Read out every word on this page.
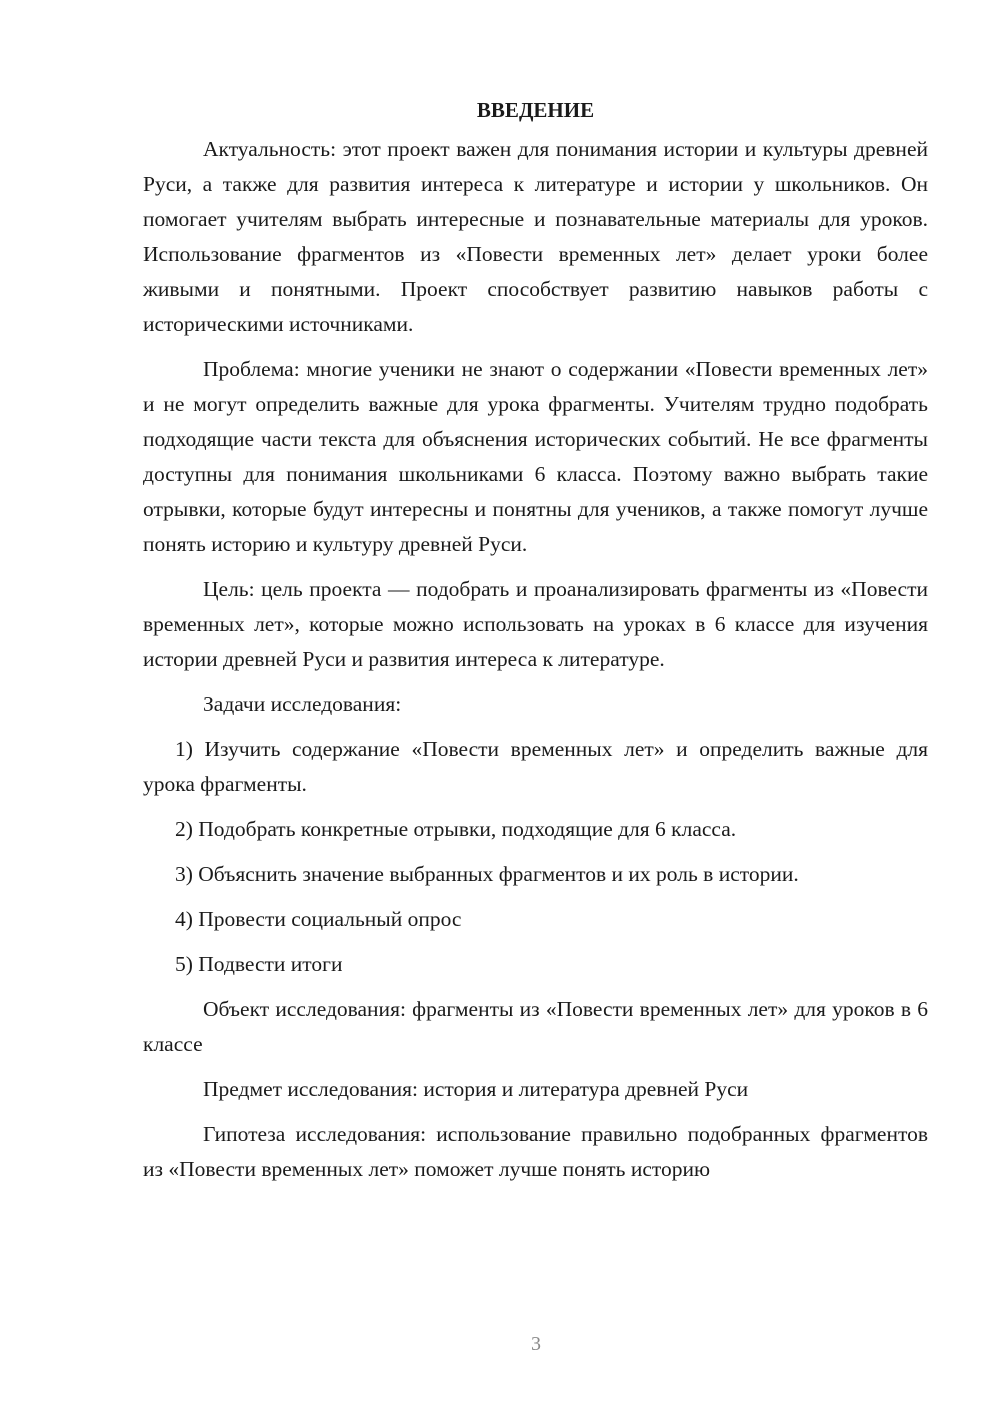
ВВЕДЕНИЕ

Актуальность: этот проект важен для понимания истории и культуры древней Руси, а также для развития интереса к литературе и истории у школьников. Он помогает учителям выбрать интересные и познавательные материалы для уроков. Использование фрагментов из «Повести временных лет» делает уроки более живыми и понятными. Проект способствует развитию навыков работы с историческими источниками.

Проблема: многие ученики не знают о содержании «Повести временных лет» и не могут определить важные для урока фрагменты. Учителям трудно подобрать подходящие части текста для объяснения исторических событий. Не все фрагменты доступны для понимания школьниками 6 класса. Поэтому важно выбрать такие отрывки, которые будут интересны и понятны для учеников, а также помогут лучше понять историю и культуру древней Руси.

Цель: цель проекта — подобрать и проанализировать фрагменты из «Повести временных лет», которые можно использовать на уроках в 6 классе для изучения истории древней Руси и развития интереса к литературе.

Задачи исследования:

1) Изучить содержание «Повести временных лет» и определить важные для урока фрагменты.

2) Подобрать конкретные отрывки, подходящие для 6 класса.

3) Объяснить значение выбранных фрагментов и их роль в истории.

4) Провести социальный опрос

5) Подвести итоги

Объект исследования: фрагменты из «Повести временных лет» для уроков в 6 классе

Предмет исследования: история и литература древней Руси

Гипотеза исследования: использование правильно подобранных фрагментов из «Повести временных лет» поможет лучше понять историю

3
